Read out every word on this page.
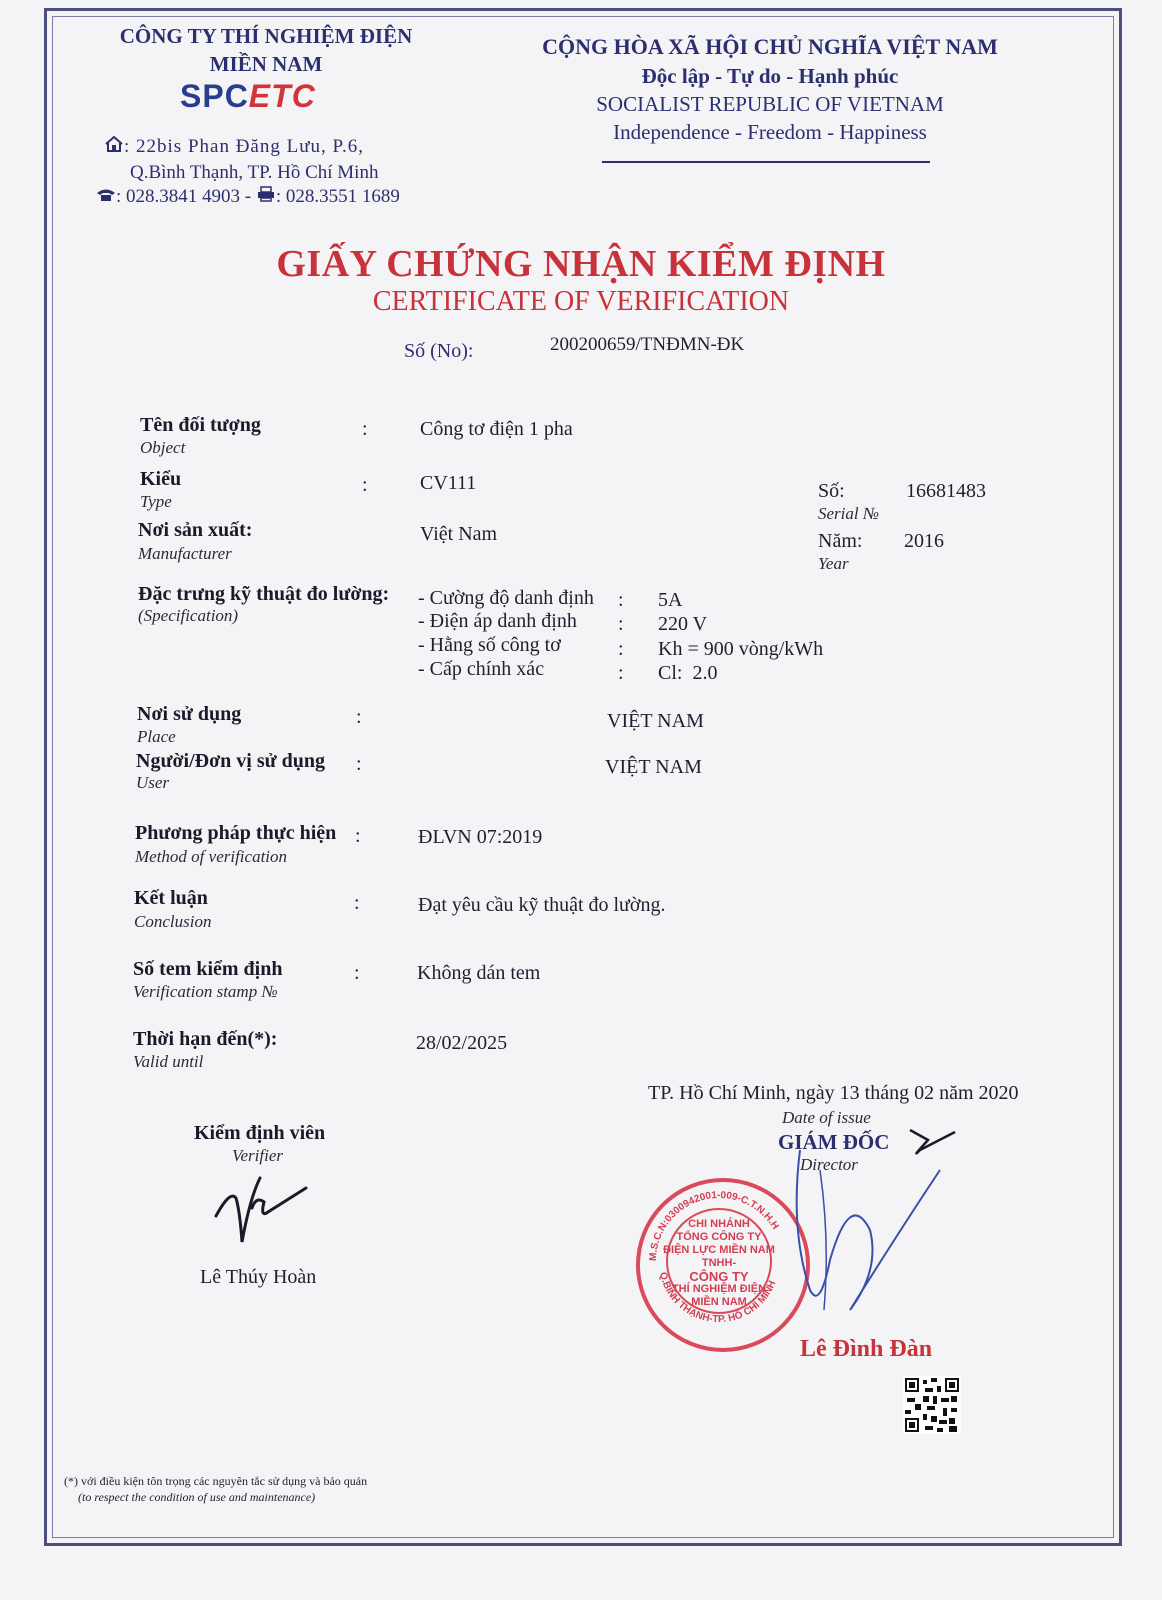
CÔNG TY THÍ NGHIỆM ĐIỆN
MIỀN NAM
SPCETC
: 22bis Phan Đăng Lưu, P.6,
Q.Bình Thạnh, TP. Hồ Chí Minh
: 028.3841 4903 - : 028.3551 1689
CỘNG HÒA XÃ HỘI CHỦ NGHĨA VIỆT NAM
Độc lập - Tự do - Hạnh phúc
SOCIALIST REPUBLIC OF VIETNAM
Independence - Freedom - Happiness
GIẤY CHỨNG NHẬN KIỂM ĐỊNH
CERTIFICATE OF VERIFICATION
Số (No):	200200659/TNĐMN-ĐK
Tên đối tượng
Object
:	Công tơ điện 1 pha
Kiểu
Type
:	CV111	Số:
Serial №
16681483
Nơi sản xuất:
Manufacturer
Việt Nam	Năm:
Year
2016
Đặc trưng kỹ thuật đo lường:
(Specification)
- Cường độ danh định : 5A
- Điện áp danh định : 220 V
- Hằng số công tơ	: Kh = 900 vòng/kWh
- Cấp chính xác	: Cl:  2.0
Nơi sử dụng
Place
:	VIỆT NAM
Người/Đơn vị sử dụng
User
:	VIỆT NAM
Phương pháp thực hiện
Method of verification
:	ĐLVN 07:2019
Kết luận
Conclusion
:	Đạt yêu cầu kỹ thuật đo lường.
Số tem kiểm định
Verification stamp №
:	Không dán tem
Thời hạn đến(*):
Valid until
28/02/2025
TP. Hồ Chí Minh, ngày 13 tháng 02 năm 2020
Date of issue
Kiểm định viên
Verifier
Lê Thúy Hoàn
GIÁM ĐỐC
Director
M.S.C.N:0300942001-009-C.T.N.H.H
Q.BÌNH THẠNH-TP. HỒ CHÍ MINH
CHI NHÁNH
TỔNG CÔNG TY
ĐIỆN LỰC MIỀN NAM
TNHH-
CÔNG TY
THÍ NGHIỆM ĐIỆN
MIỀN NAM
Lê Đình Đàn
(*) với điều kiện tôn trọng các nguyên tắc sử dụng và bảo quản
(to respect the condition of use and maintenance)
